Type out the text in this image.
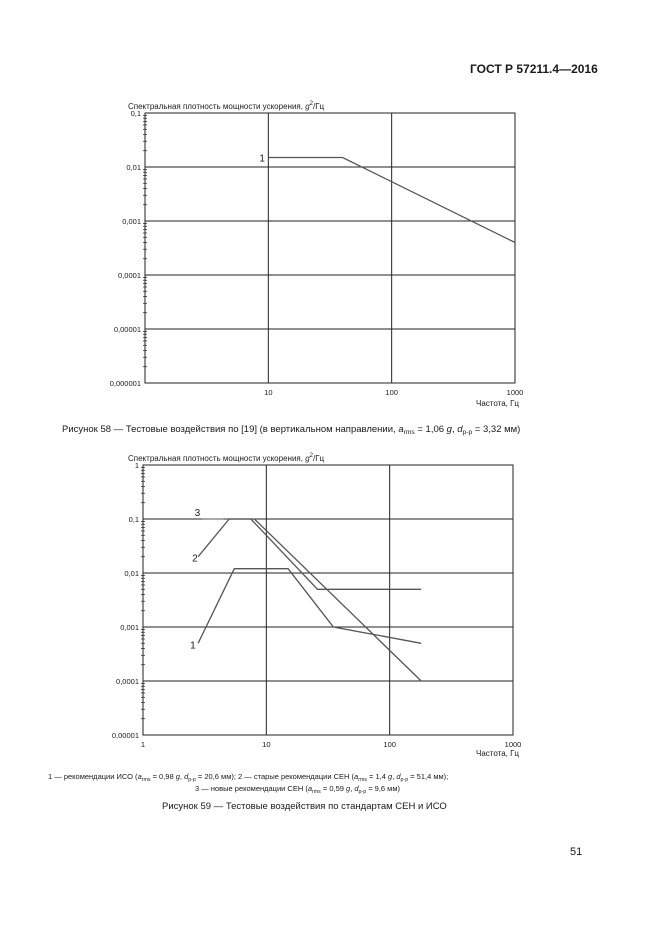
ГОСТ Р 57211.4—2016
1
0,1
0,01
0,001
0,0001
0,00001
0,000001
10	100	1000
Спектральная плотность мощности ускорения, $g^2/Гц$
Частота, Гц
Рисунок 58 — Тестовые воздействия по [19] (в вертикальном направлении, $a_{rms} = 1,06$ g, $d_{p-p} = 3,32$ мм)
3
2
1
1
0,1
0,01
0,001
0,0001
0,00001
1	10	100	1000
Спектральная плотность мощности ускорения, $g^2/Гц$
Частота, Гц
1 — рекомендации ИСО ($a_{rms} = 0,98$ g, $d_{p-p} = 20,6$ мм); 2 — старые рекомендации СЕН ($a_{rms} = 1,4$ g, $d_{p-p} = 51,4$ мм);
3 — новые рекомендации СЕН ($a_{rms} = 0,59$ g, $d_{p-p} = 9,6$ мм)
Рисунок 59 — Тестовые воздействия по стандартам СЕН и ИСО
51
